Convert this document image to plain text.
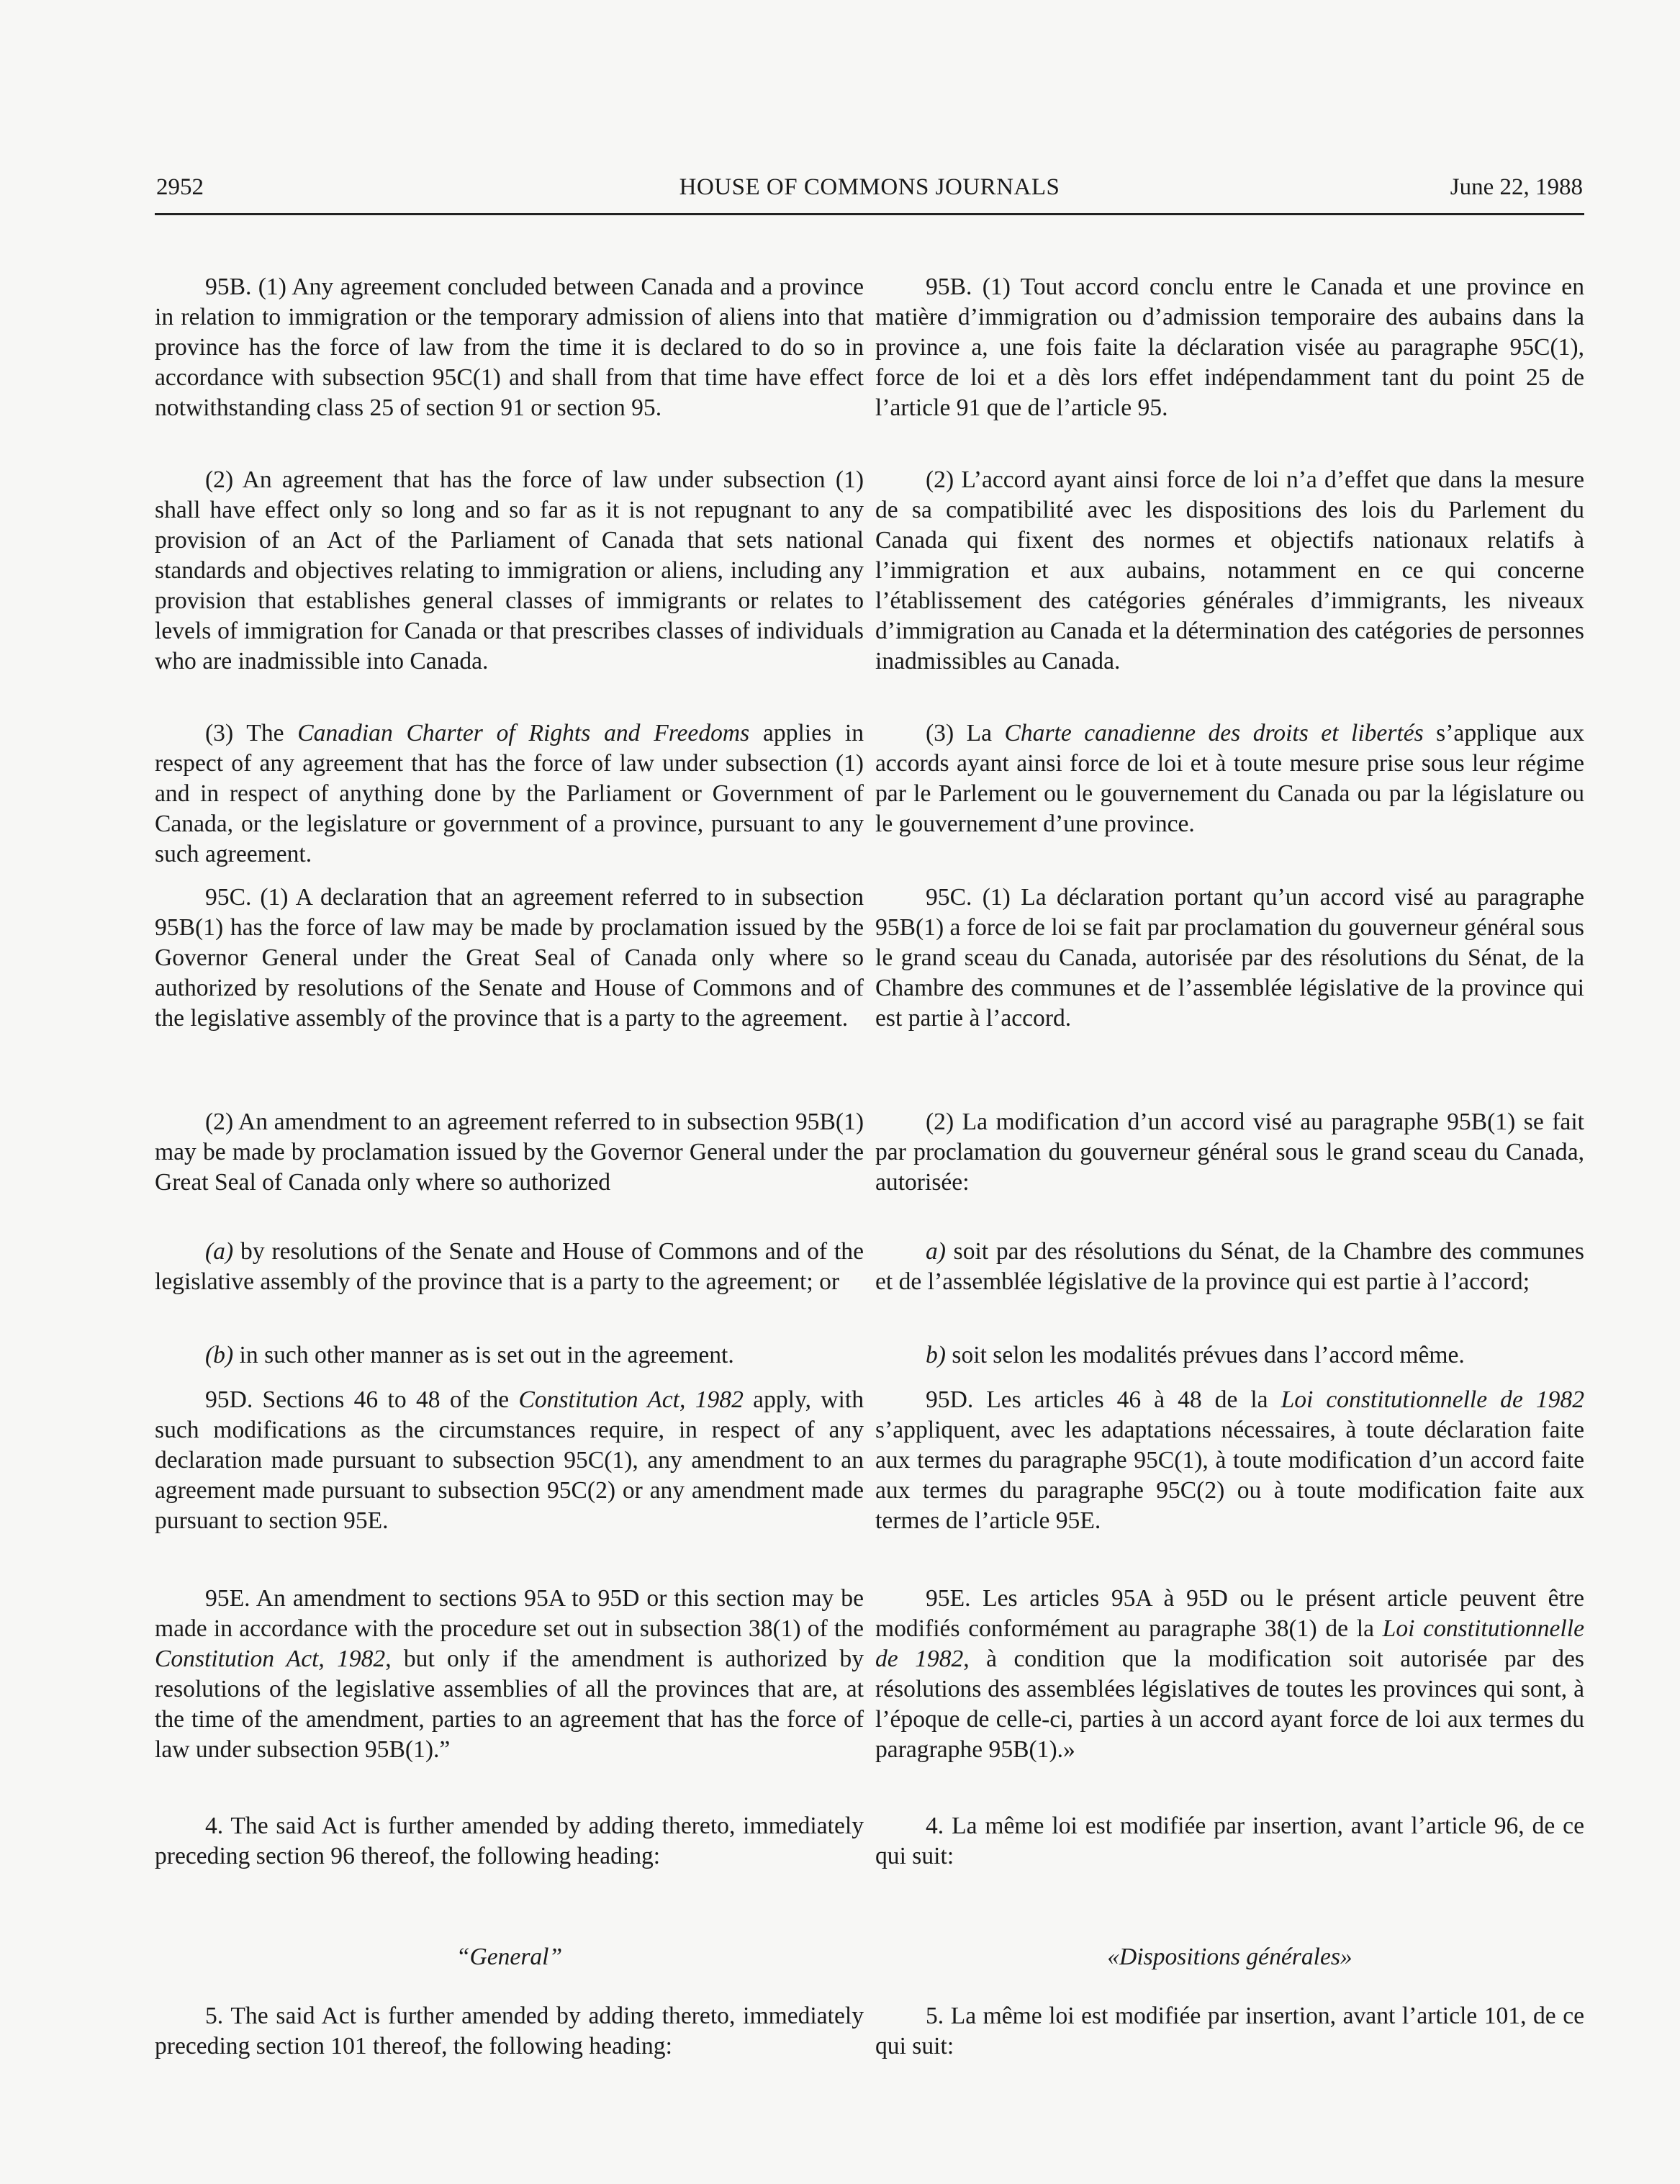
2952	HOUSE OF COMMONS JOURNALS	June 22, 1988

95B. (1) Any agreement concluded between Canada and a province in relation to immigration or the temporary admission of aliens into that province has the force of law from the time it is declared to do so in accordance with subsection 95C(1) and shall from that time have effect notwithstanding class 25 of section 91 or section 95.

(2) An agreement that has the force of law under subsection (1) shall have effect only so long and so far as it is not repugnant to any provision of an Act of the Parliament of Canada that sets national standards and objectives relating to immigration or aliens, including any provision that establishes general classes of immigrants or relates to levels of immigration for Canada or that prescribes classes of individuals who are inadmissible into Canada.

(3) The Canadian Charter of Rights and Freedoms applies in respect of any agreement that has the force of law under subsection (1) and in respect of anything done by the Parliament or Government of Canada, or the legislature or government of a province, pursuant to any such agreement.

95C. (1) A declaration that an agreement referred to in subsection 95B(1) has the force of law may be made by proclamation issued by the Governor General under the Great Seal of Canada only where so authorized by resolutions of the Senate and House of Commons and of the legislative assembly of the province that is a party to the agreement.

(2) An amendment to an agreement referred to in subsection 95B(1) may be made by proclamation issued by the Governor General under the Great Seal of Canada only where so authorized

(a) by resolutions of the Senate and House of Commons and of the legislative assembly of the province that is a party to the agreement; or

(b) in such other manner as is set out in the agreement.

95D. Sections 46 to 48 of the Constitution Act, 1982 apply, with such modifications as the circumstances require, in respect of any declaration made pursuant to subsection 95C(1), any amendment to an agreement made pursuant to subsection 95C(2) or any amendment made pursuant to section 95E.

95E. An amendment to sections 95A to 95D or this section may be made in accordance with the procedure set out in subsection 38(1) of the Constitution Act, 1982, but only if the amendment is authorized by resolutions of the legislative assemblies of all the provinces that are, at the time of the amendment, parties to an agreement that has the force of law under subsection 95B(1).”

4. The said Act is further amended by adding thereto, immediately preceding section 96 thereof, the following heading:

“General”

5. The said Act is further amended by adding thereto, immediately preceding section 101 thereof, the following heading:

95B. (1) Tout accord conclu entre le Canada et une province en matière d’immigration ou d’admission temporaire des aubains dans la province a, une fois faite la déclaration visée au paragraphe 95C(1), force de loi et a dès lors effet indépendamment tant du point 25 de l’article 91 que de l’article 95.

(2) L’accord ayant ainsi force de loi n’a d’effet que dans la mesure de sa compatibilité avec les dispositions des lois du Parlement du Canada qui fixent des normes et objectifs nationaux relatifs à l’immigration et aux aubains, notamment en ce qui concerne l’établissement des catégories générales d’immigrants, les niveaux d’immigration au Canada et la détermination des catégories de personnes inadmissibles au Canada.

(3) La Charte canadienne des droits et libertés s’applique aux accords ayant ainsi force de loi et à toute mesure prise sous leur régime par le Parlement ou le gouvernement du Canada ou par la législature ou le gouvernement d’une province.

95C. (1) La déclaration portant qu’un accord visé au paragraphe 95B(1) a force de loi se fait par proclamation du gouverneur général sous le grand sceau du Canada, autorisée par des résolutions du Sénat, de la Chambre des communes et de l’assemblée législative de la province qui est partie à l’accord.

(2) La modification d’un accord visé au paragraphe 95B(1) se fait par proclamation du gouverneur général sous le grand sceau du Canada, autorisée:

a) soit par des résolutions du Sénat, de la Chambre des communes et de l’assemblée législative de la province qui est partie à l’accord;

b) soit selon les modalités prévues dans l’accord même.

95D. Les articles 46 à 48 de la Loi constitutionnelle de 1982 s’appliquent, avec les adaptations nécessaires, à toute déclaration faite aux termes du paragraphe 95C(1), à toute modification d’un accord faite aux termes du paragraphe 95C(2) ou à toute modification faite aux termes de l’article 95E.

95E. Les articles 95A à 95D ou le présent article peuvent être modifiés conformément au paragraphe 38(1) de la Loi constitutionnelle de 1982, à condition que la modification soit autorisée par des résolutions des assemblées législatives de toutes les provinces qui sont, à l’époque de celle-ci, parties à un accord ayant force de loi aux termes du paragraphe 95B(1).»

4. La même loi est modifiée par insertion, avant l’article 96, de ce qui suit:

«Dispositions générales»

5. La même loi est modifiée par insertion, avant l’article 101, de ce qui suit:
